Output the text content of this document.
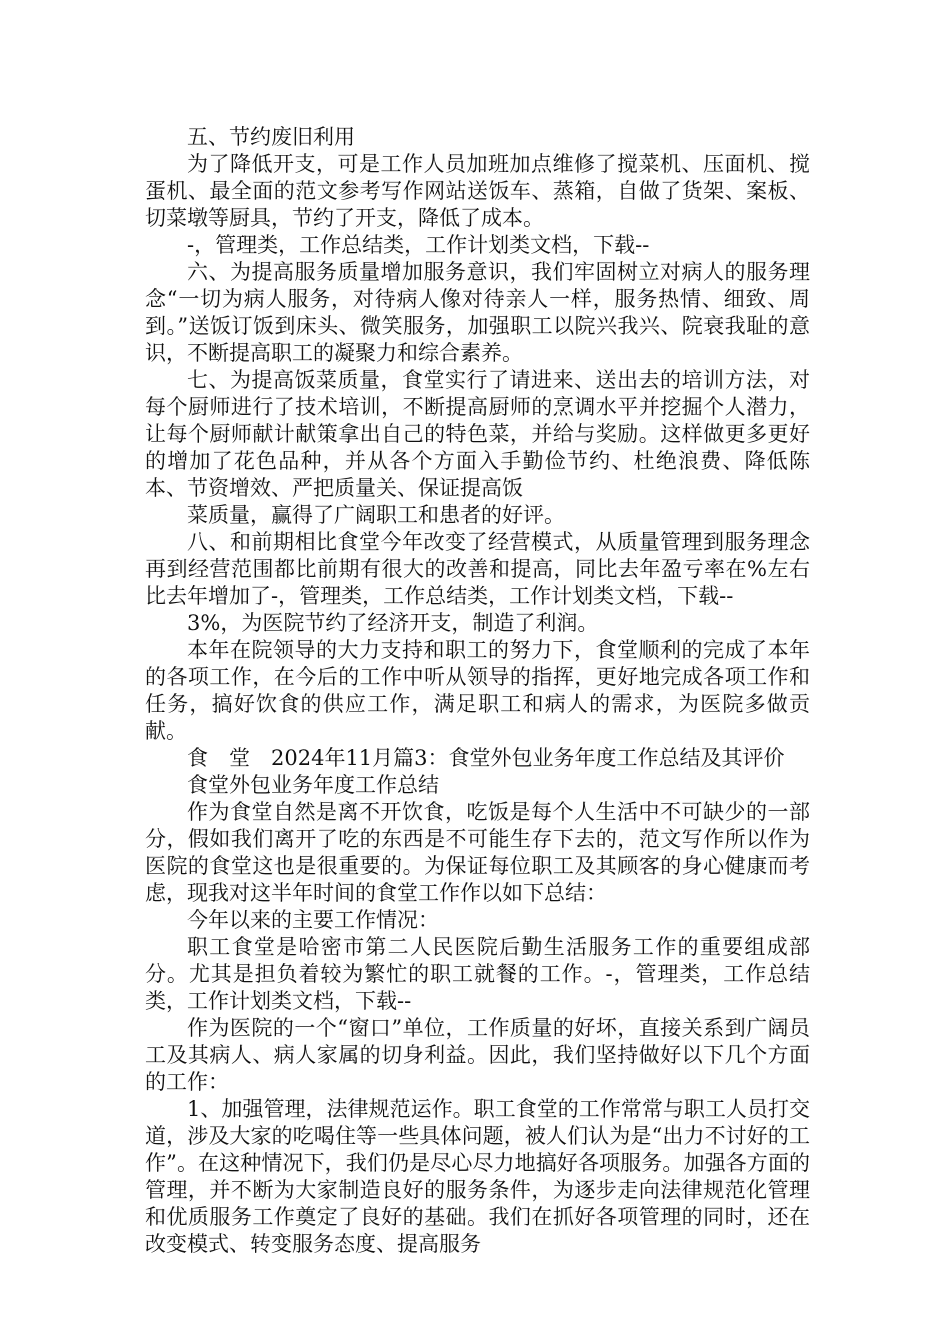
五、节约废旧利用

为了降低开支，可是工作人员加班加点维修了搅菜机、压面机、搅蛋机、最全面的范文参考写作网站送饭车、蒸箱，自做了货架、案板、切菜墩等厨具，节约了开支，降低了成本。

-，管理类，工作总结类，工作计划类文档，下载--

六、为提高服务质量增加服务意识，我们牢固树立对病人的服务理念“一切为病人服务，对待病人像对待亲人一样，服务热情、细致、周到。”送饭订饭到床头、微笑服务，加强职工以院兴我兴、院衰我耻的意识，不断提高职工的凝聚力和综合素养。

七、为提高饭菜质量，食堂实行了请进来、送出去的培训方法，对每个厨师进行了技术培训，不断提高厨师的烹调水平并挖掘个人潜力，让每个厨师献计献策拿出自己的特色菜，并给与奖励。这样做更多更好的增加了花色品种，并从各个方面入手勤俭节约、杜绝浪费、降低陈本、节资增效、严把质量关、保证提高饭

菜质量，赢得了广阔职工和患者的好评。

八、和前期相比食堂今年改变了经营模式，从质量管理到服务理念再到经营范围都比前期有很大的改善和提高，同比去年盈亏率在%左右比去年增加了-，管理类，工作总结类，工作计划类文档，下载--

3%，为医院节约了经济开支，制造了利润。

本年在院领导的大力支持和职工的努力下，食堂顺利的完成了本年的各项工作，在今后的工作中听从领导的指挥，更好地完成各项工作和任务，搞好饮食的供应工作，满足职工和病人的需求，为医院多做贡献。

食　堂　2024年11月篇3：食堂外包业务年度工作总结及其评价

食堂外包业务年度工作总结

作为食堂自然是离不开饮食，吃饭是每个人生活中不可缺少的一部分，假如我们离开了吃的东西是不可能生存下去的，范文写作所以作为医院的食堂这也是很重要的。为保证每位职工及其顾客的身心健康而考虑，现我对这半年时间的食堂工作作以如下总结：

今年以来的主要工作情况：

职工食堂是哈密市第二人民医院后勤生活服务工作的重要组成部分。尤其是担负着较为繁忙的职工就餐的工作。-，管理类，工作总结类，工作计划类文档，下载--

作为医院的一个“窗口”单位，工作质量的好坏，直接关系到广阔员工及其病人、病人家属的切身利益。因此，我们坚持做好以下几个方面的工作：

1、加强管理，法律规范运作。职工食堂的工作常常与职工人员打交道，涉及大家的吃喝住等一些具体问题，被人们认为是“出力不讨好的工作”。在这种情况下，我们仍是尽心尽力地搞好各项服务。加强各方面的管理，并不断为大家制造良好的服务条件，为逐步走向法律规范化管理和优质服务工作奠定了良好的基础。我们在抓好各项管理的同时，还在改变模式、转变服务态度、提高服务
